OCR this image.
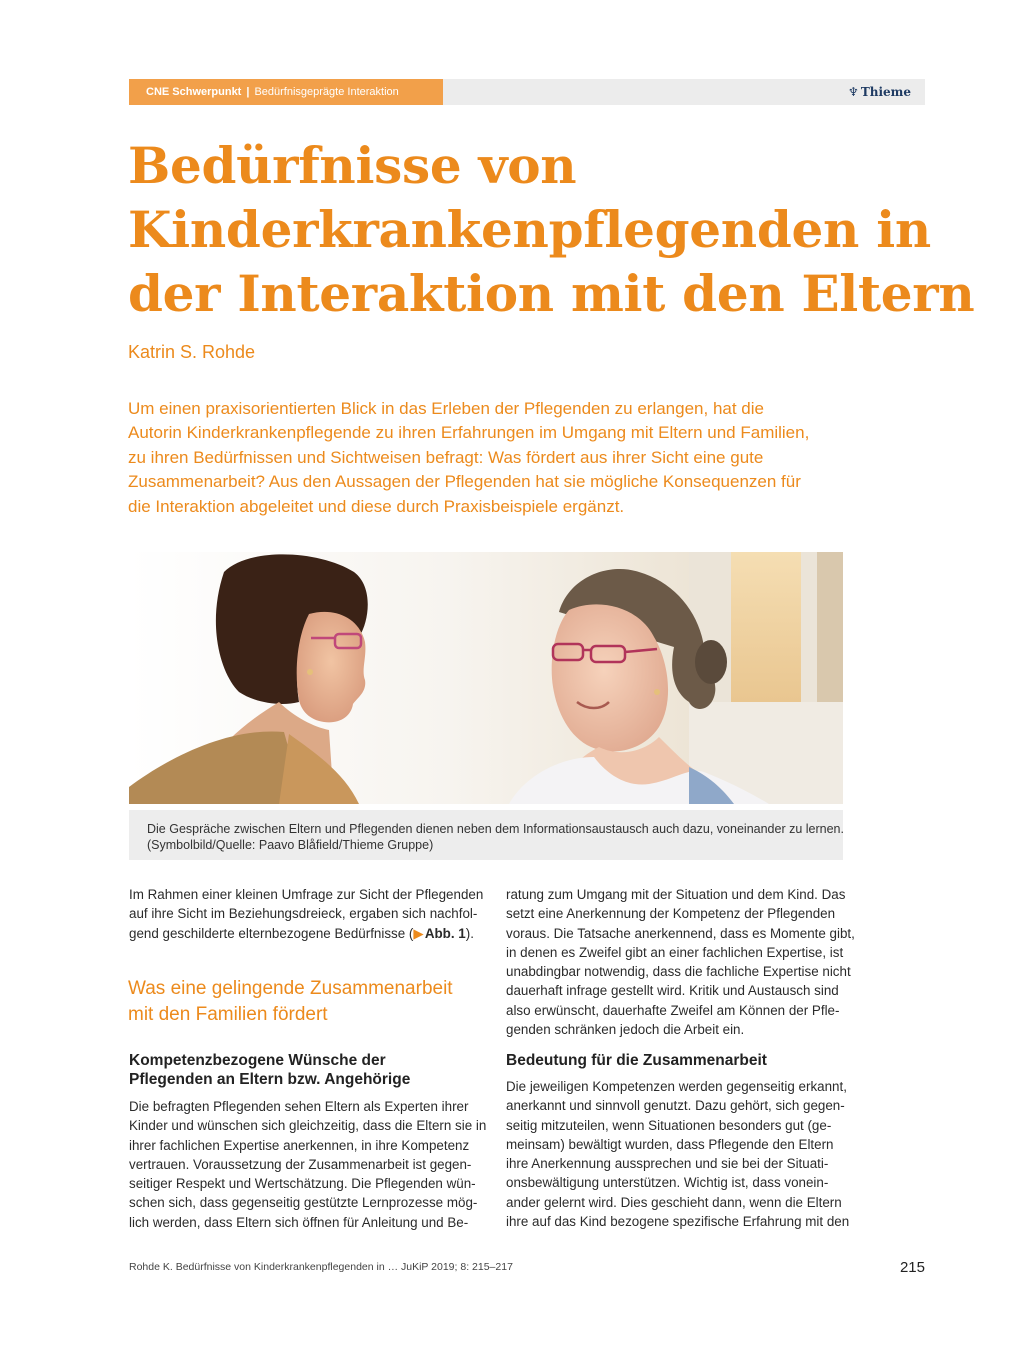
CNE Schwerpunkt | Bedürfnisgeprägte Interaktion	♆ Thieme
Bedürfnisse von
Kinderkrankenpflegenden in
der Interaktion mit den Eltern

Katrin S. Rohde

Um einen praxisorientierten Blick in das Erleben der Pflegenden zu erlangen, hat die
Autorin Kinderkrankenpflegende zu ihren Erfahrungen im Umgang mit Eltern und Familien,
zu ihren Bedürfnissen und Sichtweisen befragt: Was fördert aus ihrer Sicht eine gute
Zusammenarbeit? Aus den Aussagen der Pflegenden hat sie mögliche Konsequenzen für
die Interaktion abgeleitet und diese durch Praxisbeispiele ergänzt.
Die Gespräche zwischen Eltern und Pflegenden dienen neben dem Informationsaustausch auch dazu, voneinander zu lernen.
(Symbolbild/Quelle: Paavo Blåfield/Thieme Gruppe)
Im Rahmen einer kleinen Umfrage zur Sicht der Pflegenden
auf ihre Sicht im Beziehungsdreieck, ergaben sich nachfol-
gend geschilderte elternbezogene Bedürfnisse (▶ Abb. 1).
Was eine gelingende Zusammenarbeit
mit den Familien fördert
Kompetenzbezogene Wünsche der
Pflegenden an Eltern bzw. Angehörige
Die befragten Pflegenden sehen Eltern als Experten ihrer
Kinder und wünschen sich gleichzeitig, dass die Eltern sie in
ihrer fachlichen Expertise anerkennen, in ihre Kompetenz
vertrauen. Voraussetzung der Zusammenarbeit ist gegen-
seitiger Respekt und Wertschätzung. Die Pflegenden wün-
schen sich, dass gegenseitig gestützte Lernprozesse mög-
lich werden, dass Eltern sich öffnen für Anleitung und Be-
ratung zum Umgang mit der Situation und dem Kind. Das
setzt eine Anerkennung der Kompetenz der Pflegenden
voraus. Die Tatsache anerkennend, dass es Momente gibt,
in denen es Zweifel gibt an einer fachlichen Expertise, ist
unabdingbar notwendig, dass die fachliche Expertise nicht
dauerhaft infrage gestellt wird. Kritik und Austausch sind
also erwünscht, dauerhafte Zweifel am Können der Pfle-
genden schränken jedoch die Arbeit ein.
Bedeutung für die Zusammenarbeit
Die jeweiligen Kompetenzen werden gegenseitig erkannt,
anerkannt und sinnvoll genutzt. Dazu gehört, sich gegen-
seitig mitzuteilen, wenn Situationen besonders gut (ge-
meinsam) bewältigt wurden, dass Pflegende den Eltern
ihre Anerkennung aussprechen und sie bei der Situati-
onsbewältigung unterstützen. Wichtig ist, dass vonein-
ander gelernt wird. Dies geschieht dann, wenn die Eltern
ihre auf das Kind bezogene spezifische Erfahrung mit den
Rohde K. Bedürfnisse von Kinderkrankenpflegenden in … JuKiP 2019; 8: 215–217	215
